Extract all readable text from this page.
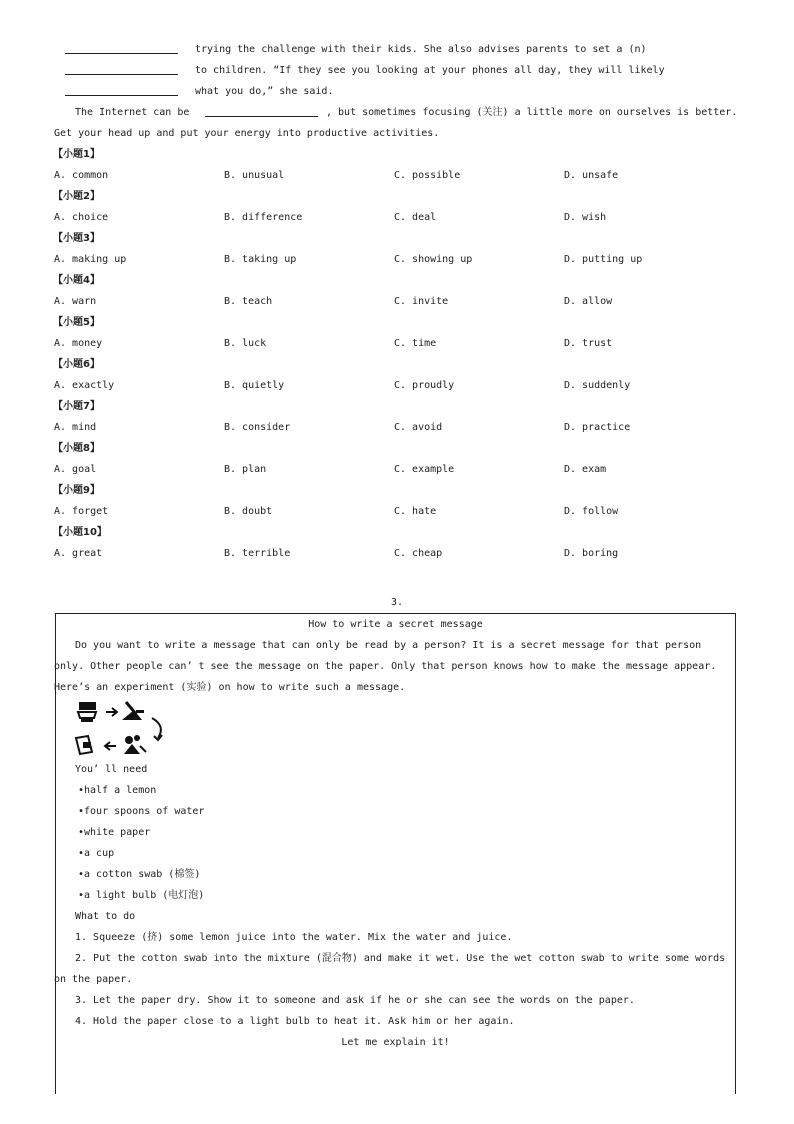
trying the challenge with their kids. She also advises parents to set a (n)
to children. “If they see you looking at your phones all day, they will likely
what you do,” she said.
The Internet can be	, but sometimes focusing (关注) a little more on ourselves is better.
Get your head up and put your energy into productive activities.
【小题1】
A. common	B. unusual	C. possible	D. unsafe
【小题2】
A. choice	B. difference	C. deal	D. wish
【小题3】
A. making up	B. taking up	C. showing up	D. putting up
【小题4】
A. warn	B. teach	C. invite	D. allow
【小题5】
A. money	B. luck	C. time	D. trust
【小题6】
A. exactly	B. quietly	C. proudly	D. suddenly
【小题7】
A. mind	B. consider	C. avoid	D. practice
【小题8】
A. goal	B. plan	C. example	D. exam
【小题9】
A. forget	B. doubt	C. hate	D. follow
【小题10】
A. great	B. terrible	C. cheap	D. boring
3.
How to write a secret message
Do you want to write a message that can only be read by a person? It is a secret message for that person
only. Other people can’ t see the message on the paper. Only that person knows how to make the message appear.
Here’s an experiment (实验) on how to write such a message.
You’ ll need
•half a lemon
•four spoons of water
•white paper
•a cup
•a cotton swab (棉签)
•a light bulb (电灯泡)
What to do
1. Squeeze (挤) some lemon juice into the water. Mix the water and juice.
2. Put the cotton swab into the mixture (混合物) and make it wet. Use the wet cotton swab to write some words
on the paper.
3. Let the paper dry. Show it to someone and ask if he or she can see the words on the paper.
4. Hold the paper close to a light bulb to heat it. Ask him or her again.
Let me explain it!
